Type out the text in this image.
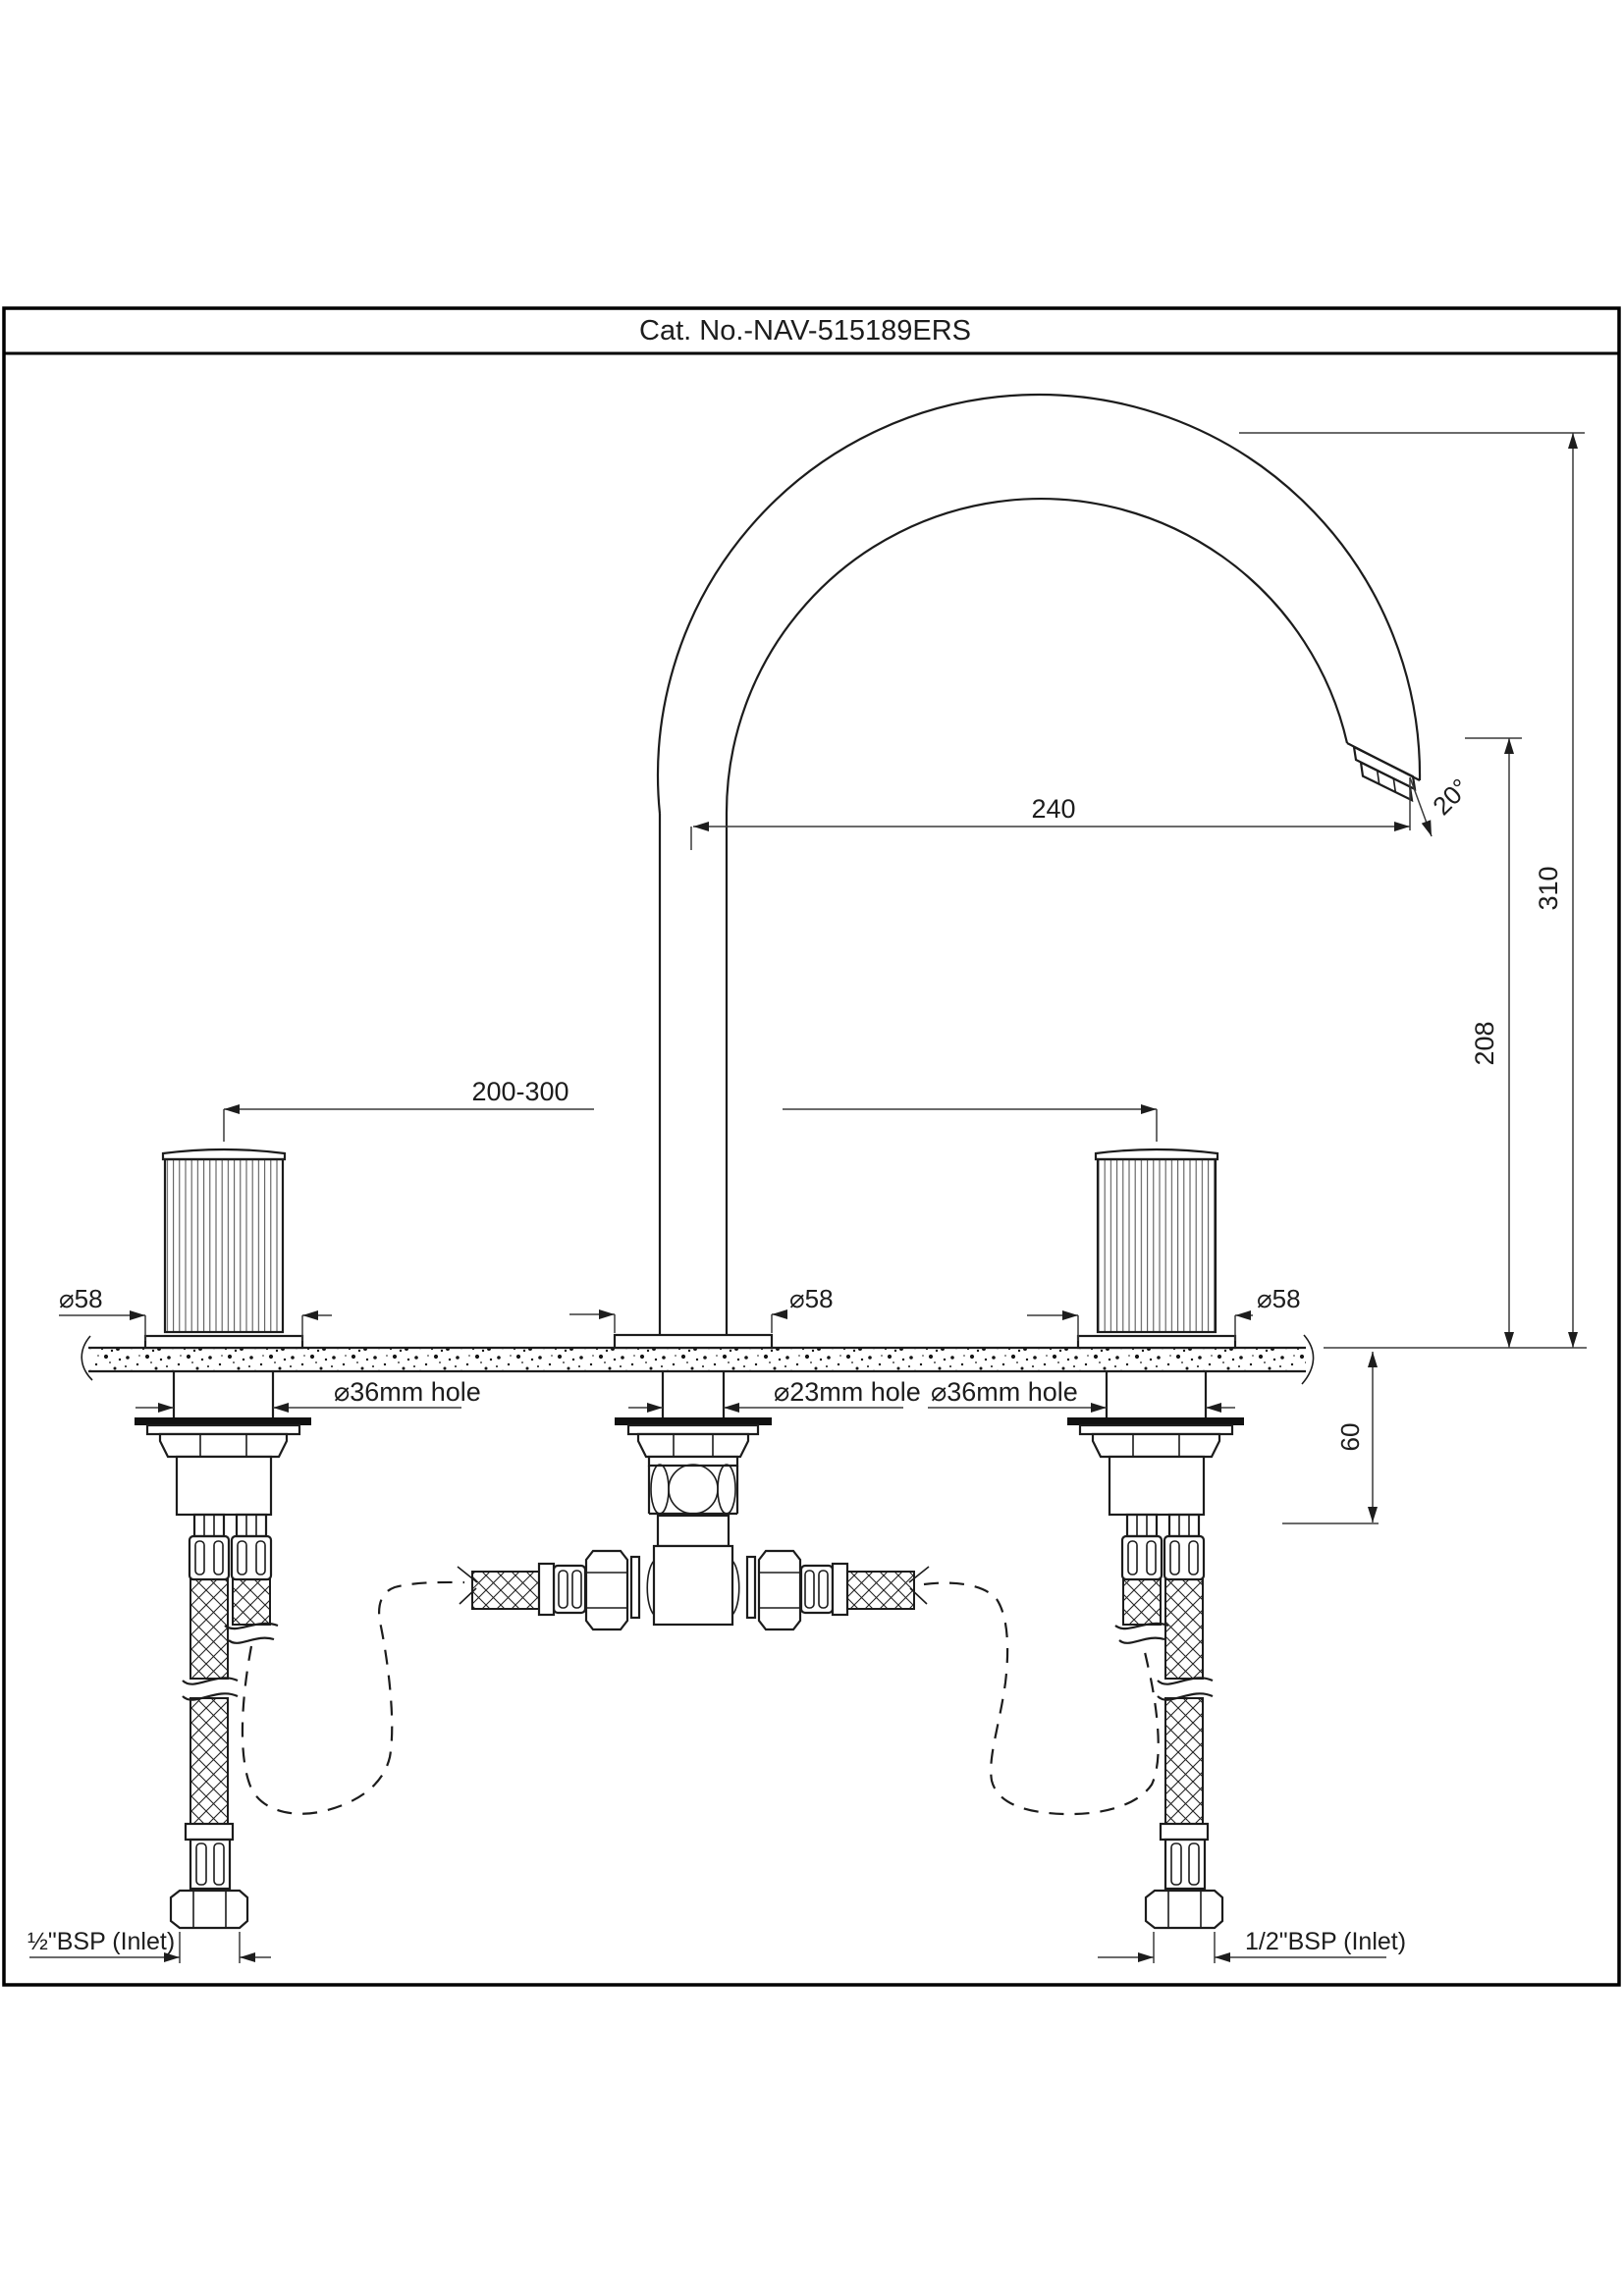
Cat. No.-NAV-515189ERS
240	20°
310
208
60
200-300
⌀58	⌀58	⌀58
⌀36mm hole	⌀23mm hole ⌀36mm hole
½"BSP (Inlet)	1/2"BSP (Inlet)
